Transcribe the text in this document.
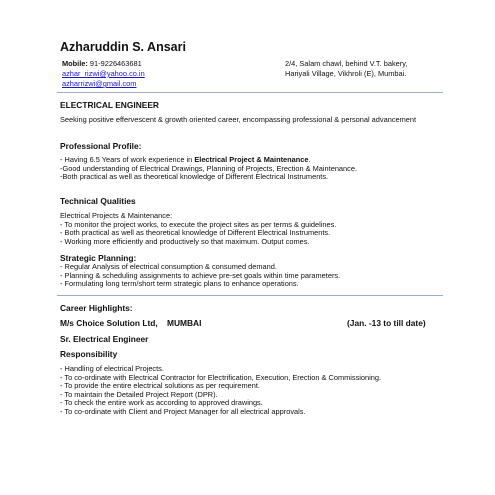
Azharuddin S. Ansari
Mobile: 91-9226463681
azhar_rizwi@yahoo.co.in
azharrizwi@gmail.com
2/4, Salam chawl, behind V.T. bakery,
Hariyali Village, Vikhroli (E), Mumbai.
ELECTRICAL ENGINEER
Seeking positive effervescent & growth oriented career, encompassing professional & personal advancement
Professional Profile:
- Having 6.5 Years of work experience in Electrical Project & Maintenance.
-Good understanding of Electrical Drawings, Planning of Projects, Erection & Maintenance.
-Both practical as well as theoretical knowledge of Different Electrical Instruments.
Technical Qualities
Electrical Projects & Maintenance:
- To monitor the project works, to execute the project sites as per terms & guidelines.
- Both practical as well as theoretical knowledge of Different Electrical Instruments.
- Working more efficiently and productively so that maximum. Output comes.
Strategic Planning:
- Regular Analysis of electrical consumption & consumed demand.
- Planning & scheduling assignments to achieve pre-set goals within time parameters.
- Formulating long term/short term strategic plans to enhance operations.
Career Highlights:
M/s Choice Solution Ltd,    MUMBAI	(Jan. -13 to till date)
Sr. Electrical Engineer
Responsibility
- Handling of electrical Projects.
- To co-ordinate with Electrical Contractor for Electrification, Execution, Erection & Commissioning.
- To provide the entire electrical solutions as per requirement.
- To maintain the Detailed Project Report (DPR).
- To check the entire work as according to approved drawings.
- To co-ordinate with Client and Project Manager for all electrical approvals.
